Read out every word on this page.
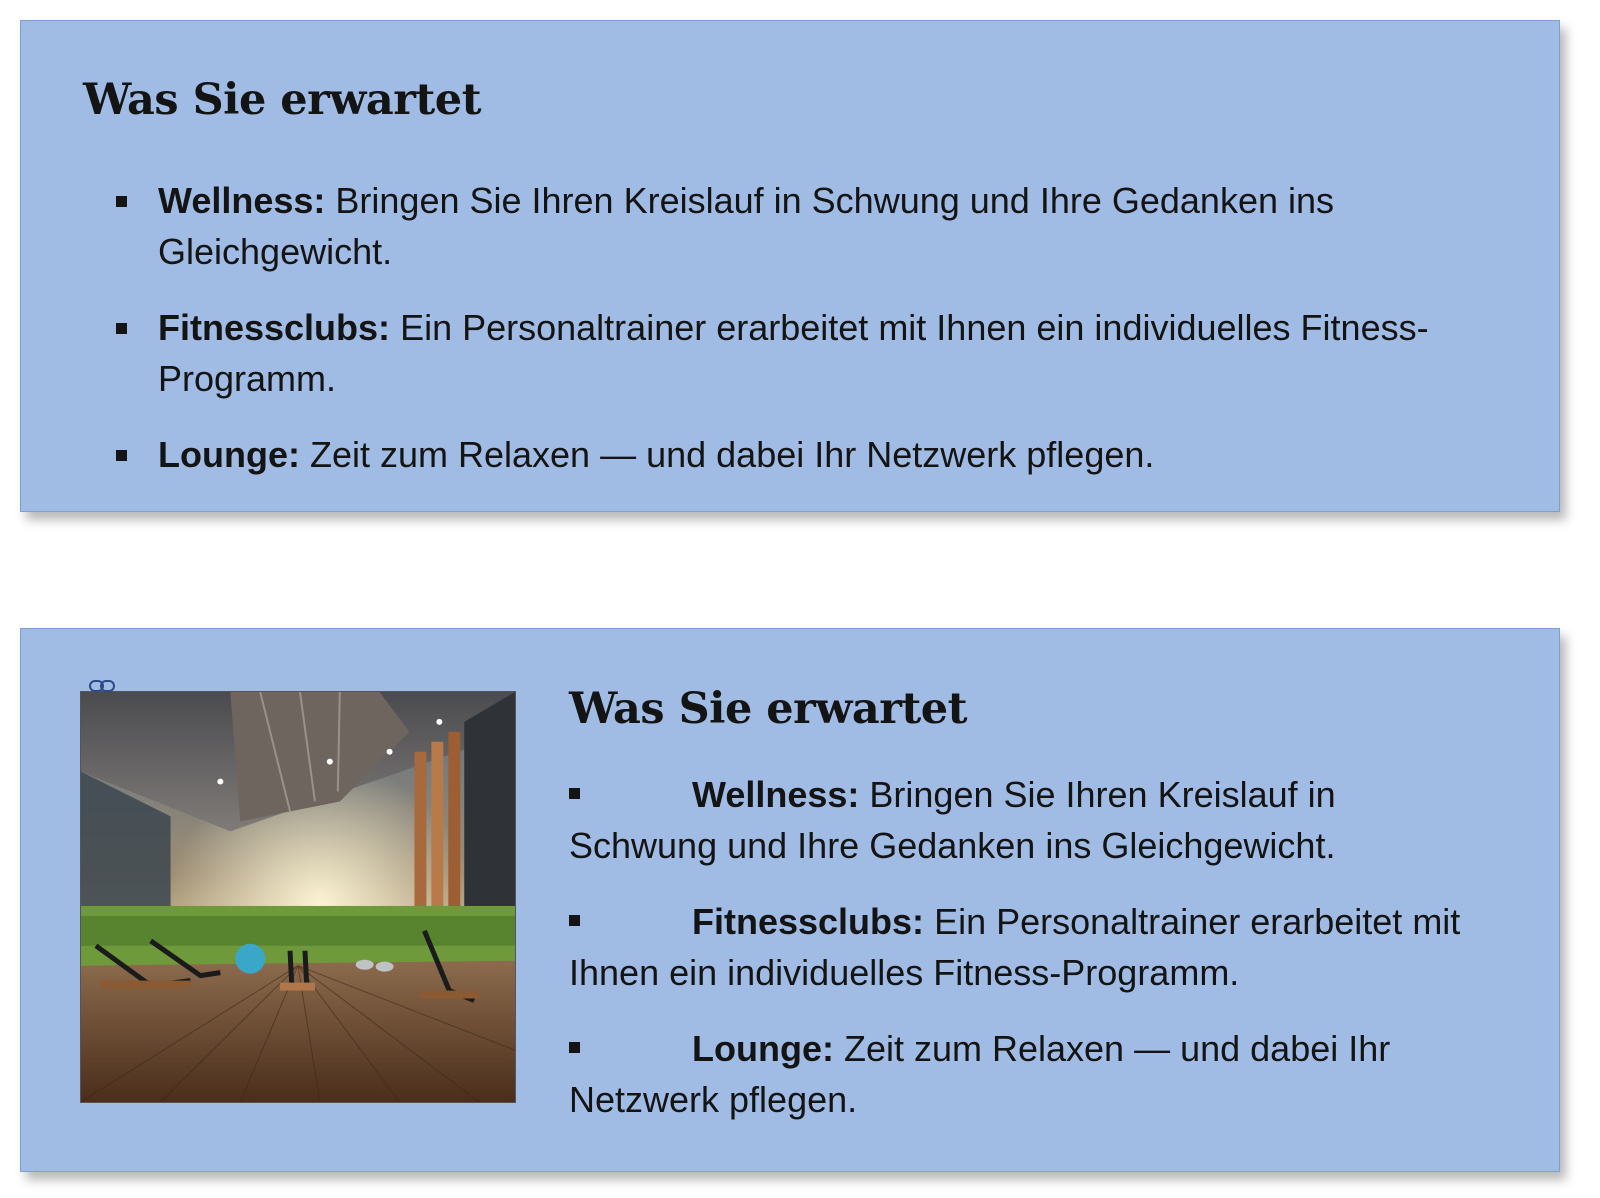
Was Sie erwartet
Wellness: Bringen Sie Ihren Kreislauf in Schwung und Ihre Gedanken ins Gleichgewicht.
Fitnessclubs: Ein Personaltrainer erarbeitet mit Ihnen ein individuelles Fitness-Programm.
Lounge: Zeit zum Relaxen — und dabei Ihr Netzwerk pflegen.
Was Sie erwartet
Wellness: Bringen Sie Ihren Kreislauf in Schwung und Ihre Gedanken ins Gleichgewicht.
Fitnessclubs: Ein Personaltrainer erarbeitet mit Ihnen ein individuelles Fitness-Programm.
Lounge: Zeit zum Relaxen — und dabei Ihr Netzwerk pflegen.
